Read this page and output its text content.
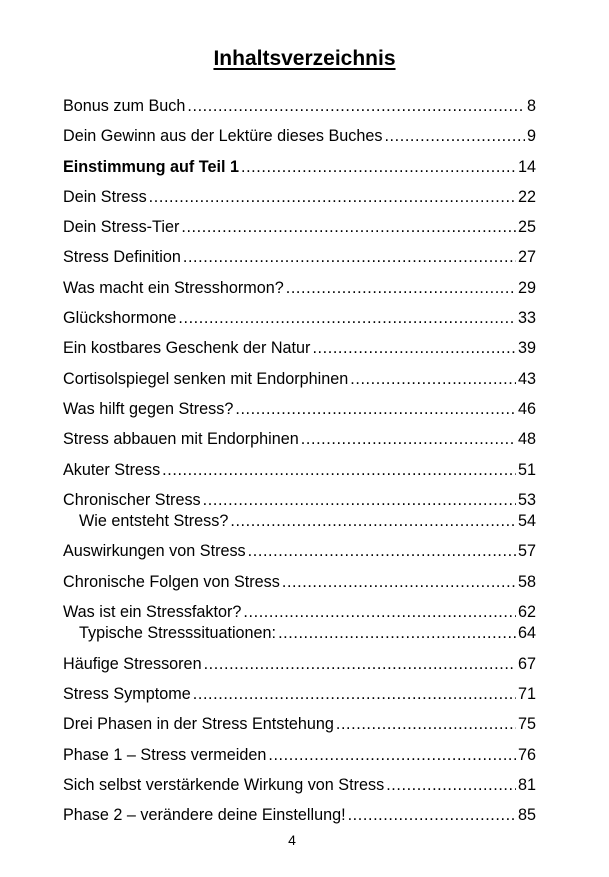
Inhaltsverzeichnis
Bonus zum Buch .....	8
Dein Gewinn aus der Lektüre dieses Buches .....	9
Einstimmung auf Teil 1 .....	14
Dein Stress .....	22
Dein Stress-Tier .....	25
Stress Definition .....	27
Was macht ein Stresshormon? .....	29
Glückshormone .....	33
Ein kostbares Geschenk der Natur .....	39
Cortisolspiegel senken mit Endorphinen .....	43
Was hilft gegen Stress? .....	46
Stress abbauen mit Endorphinen .....	48
Akuter Stress .....	51
Chronischer Stress .....	53
Wie entsteht Stress? .....	54
Auswirkungen von Stress .....	57
Chronische Folgen von Stress .....	58
Was ist ein Stressfaktor? .....	62
Typische Stresssituationen: .....	64
Häufige Stressoren .....	67
Stress Symptome .....	71
Drei Phasen in der Stress Entstehung .....	75
Phase 1 – Stress vermeiden .....	76
Sich selbst verstärkende Wirkung von Stress .....	81
Phase 2 – verändere deine Einstellung! .....	85

4
